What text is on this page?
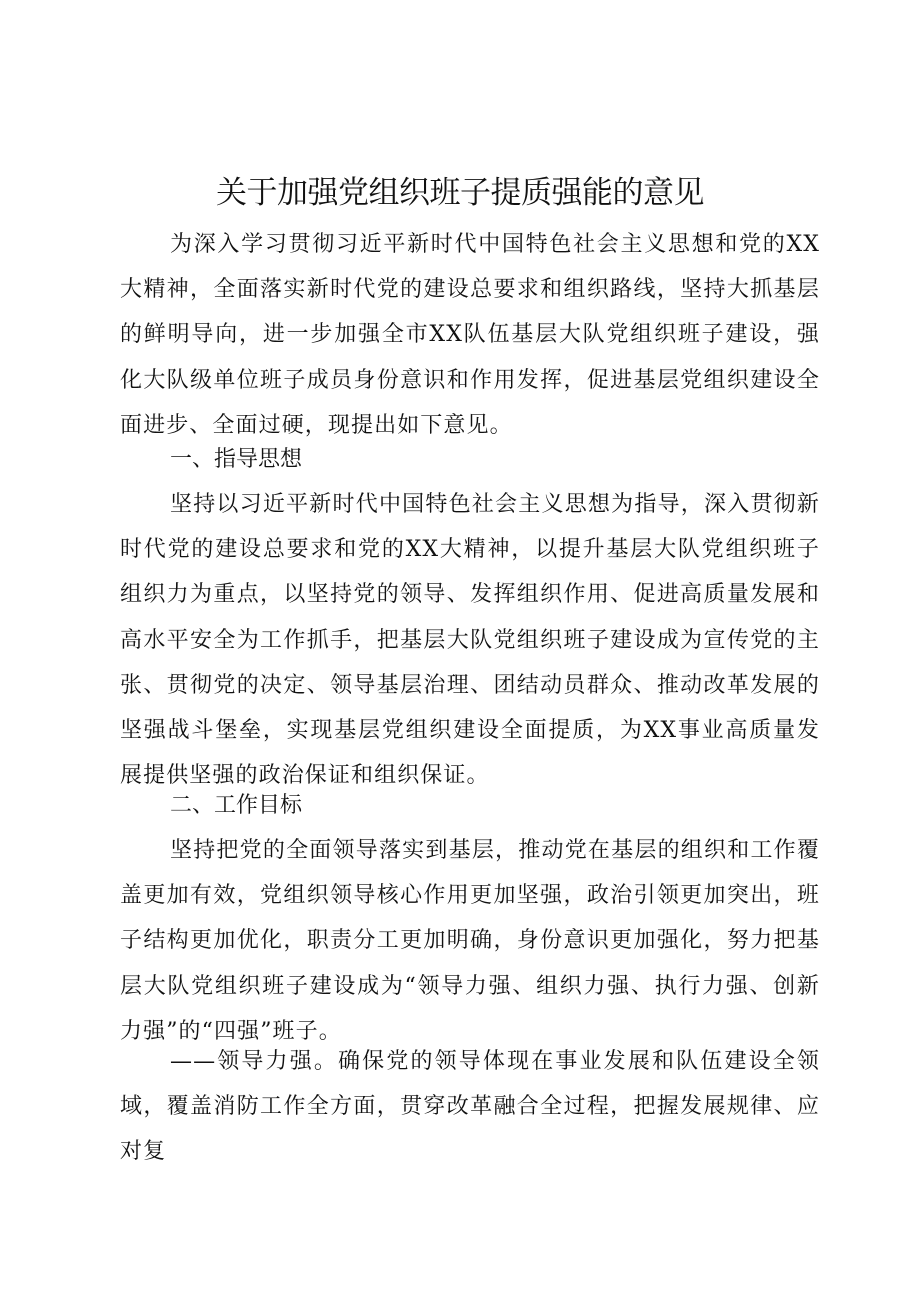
关于加强党组织班子提质强能的意见

为深入学习贯彻习近平新时代中国特色社会主义思想和党的XX大精神，全面落实新时代党的建设总要求和组织路线，坚持大抓基层的鲜明导向，进一步加强全市XX队伍基层大队党组织班子建设，强化大队级单位班子成员身份意识和作用发挥，促进基层党组织建设全面进步、全面过硬，现提出如下意见。

一、指导思想

坚持以习近平新时代中国特色社会主义思想为指导，深入贯彻新时代党的建设总要求和党的XX大精神，以提升基层大队党组织班子组织力为重点，以坚持党的领导、发挥组织作用、促进高质量发展和高水平安全为工作抓手，把基层大队党组织班子建设成为宣传党的主张、贯彻党的决定、领导基层治理、团结动员群众、推动改革发展的坚强战斗堡垒，实现基层党组织建设全面提质，为XX事业高质量发展提供坚强的政治保证和组织保证。

二、工作目标

坚持把党的全面领导落实到基层，推动党在基层的组织和工作覆盖更加有效，党组织领导核心作用更加坚强，政治引领更加突出，班子结构更加优化，职责分工更加明确，身份意识更加强化，努力把基层大队党组织班子建设成为“领导力强、组织力强、执行力强、创新力强”的“四强”班子。

——领导力强。确保党的领导体现在事业发展和队伍建设全领域，覆盖消防工作全方面，贯穿改革融合全过程，把握发展规律、应对复
